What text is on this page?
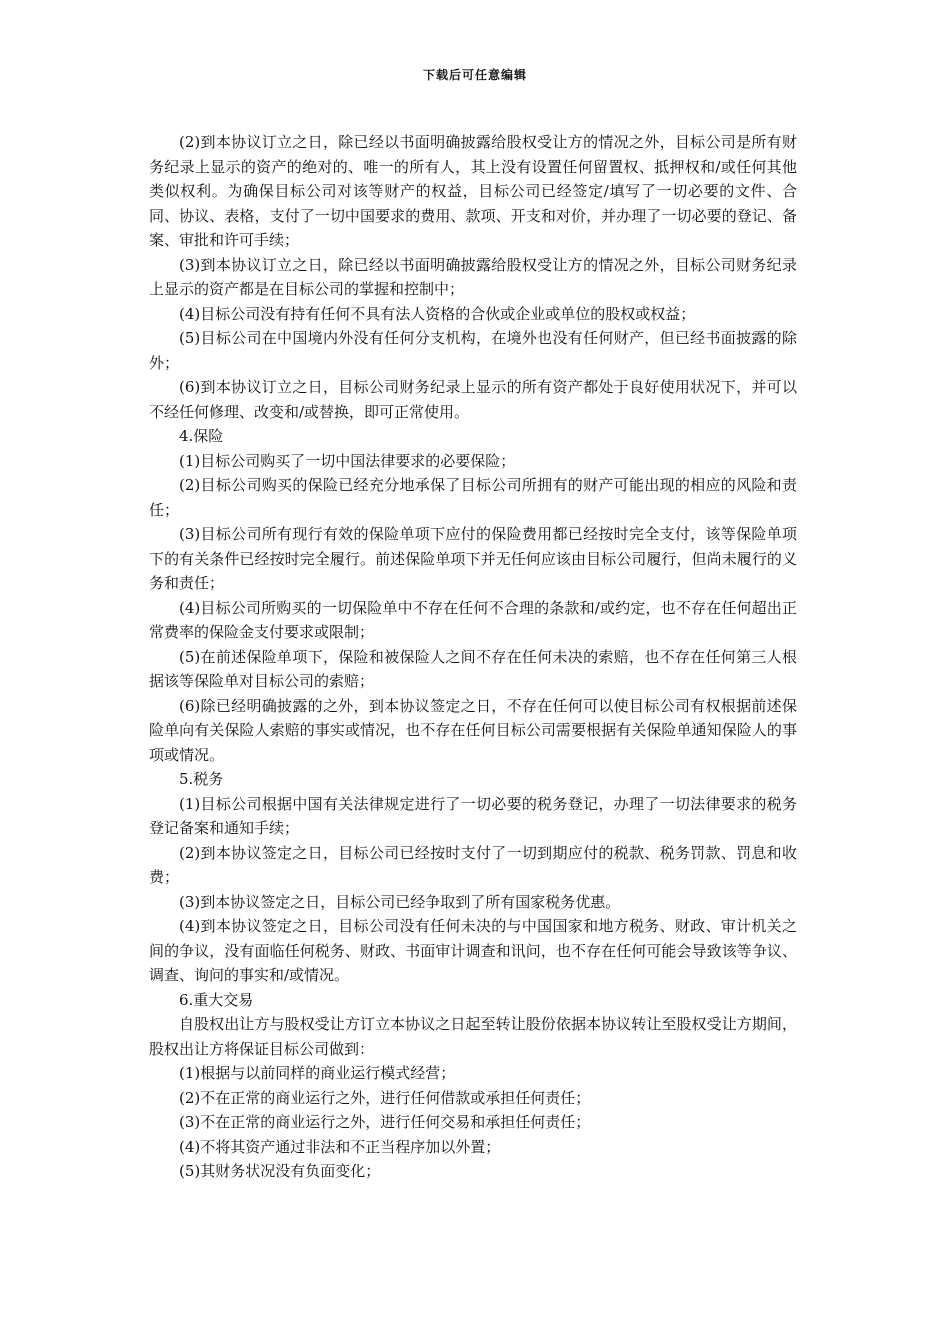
下载后可任意编辑

(2)到本协议订立之日，除已经以书面明确披露给股权受让方的情况之外，目标公司是所有财务纪录上显示的资产的绝对的、唯一的所有人，其上没有设置任何留置权、抵押权和/或任何其他类似权利。为确保目标公司对该等财产的权益，目标公司已经签定/填写了一切必要的文件、合同、协议、表格，支付了一切中国要求的费用、款项、开支和对价，并办理了一切必要的登记、备案、审批和许可手续；

(3)到本协议订立之日，除已经以书面明确披露给股权受让方的情况之外，目标公司财务纪录上显示的资产都是在目标公司的掌握和控制中；

(4)目标公司没有持有任何不具有法人资格的合伙或企业或单位的股权或权益；

(5)目标公司在中国境内外没有任何分支机构，在境外也没有任何财产，但已经书面披露的除外；

(6)到本协议订立之日，目标公司财务纪录上显示的所有资产都处于良好使用状况下，并可以不经任何修理、改变和/或替换，即可正常使用。

4.保险

(1)目标公司购买了一切中国法律要求的必要保险；

(2)目标公司购买的保险已经充分地承保了目标公司所拥有的财产可能出现的相应的风险和责任；

(3)目标公司所有现行有效的保险单项下应付的保险费用都已经按时完全支付，该等保险单项下的有关条件已经按时完全履行。前述保险单项下并无任何应该由目标公司履行，但尚未履行的义务和责任；

(4)目标公司所购买的一切保险单中不存在任何不合理的条款和/或约定，也不存在任何超出正常费率的保险金支付要求或限制；

(5)在前述保险单项下，保险和被保险人之间不存在任何未决的索赔，也不存在任何第三人根据该等保险单对目标公司的索赔；

(6)除已经明确披露的之外，到本协议签定之日，不存在任何可以使目标公司有权根据前述保险单向有关保险人索赔的事实或情况，也不存在任何目标公司需要根据有关保险单通知保险人的事项或情况。

5.税务

(1)目标公司根据中国有关法律规定进行了一切必要的税务登记，办理了一切法律要求的税务登记备案和通知手续；

(2)到本协议签定之日，目标公司已经按时支付了一切到期应付的税款、税务罚款、罚息和收费；

(3)到本协议签定之日，目标公司已经争取到了所有国家税务优惠。

(4)到本协议签定之日，目标公司没有任何未决的与中国国家和地方税务、财政、审计机关之间的争议，没有面临任何税务、财政、书面审计调查和讯问，也不存在任何可能会导致该等争议、调查、询问的事实和/或情况。

6.重大交易

自股权出让方与股权受让方订立本协议之日起至转让股份依据本协议转让至股权受让方期间，股权出让方将保证目标公司做到：

(1)根据与以前同样的商业运行模式经营；

(2)不在正常的商业运行之外，进行任何借款或承担任何责任；

(3)不在正常的商业运行之外，进行任何交易和承担任何责任；

(4)不将其资产通过非法和不正当程序加以外置；

(5)其财务状况没有负面变化；
